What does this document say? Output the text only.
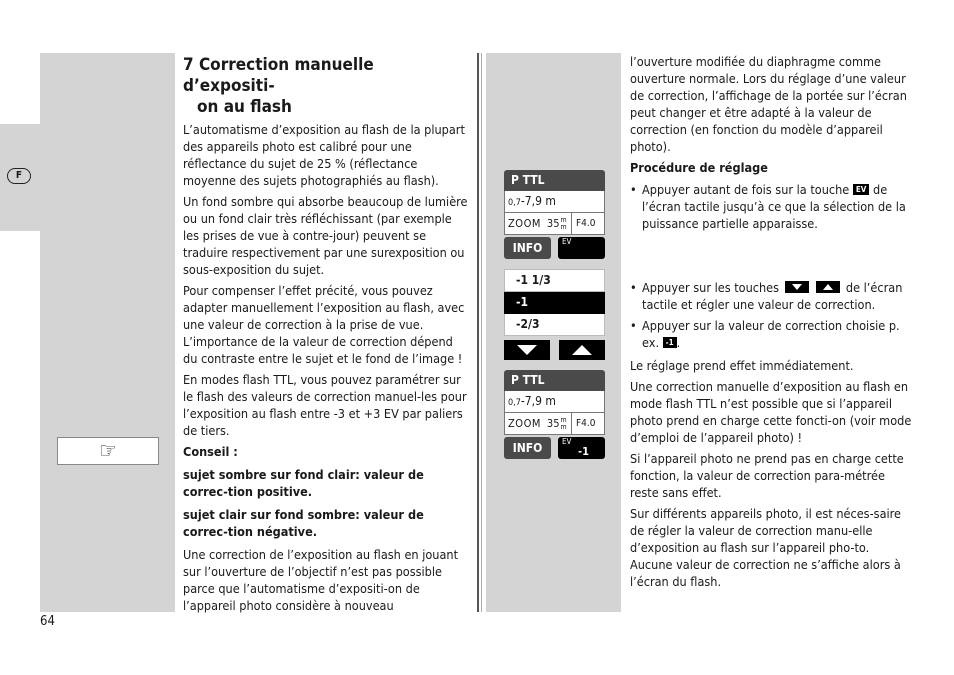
F
☞
7 Correction manuelle d’expositi-
on au flash

L’automatisme d’exposition au flash de la plupart des appareils photo est calibré pour une réflectance du sujet de 25 % (réflectance moyenne des sujets photographiés au flash).

Un fond sombre qui absorbe beaucoup de lumière ou un fond clair très réfléchissant (par exemple les prises de vue à contre-jour) peuvent se traduire respectivement par une surexposition ou sous-exposition du sujet.

Pour compenser l’effet précité, vous pouvez adapter manuellement l’exposition au flash, avec une valeur de correction à la prise de vue. L’importance de la valeur de correction dépend du contraste entre le sujet et le fond de l’image !

En modes flash TTL, vous pouvez paramétrer sur le flash des valeurs de correction manuel-les pour l’exposition au flash entre -3 et +3 EV par paliers de tiers.

Conseil :

sujet sombre sur fond clair: valeur de correc-tion positive.

sujet clair sur fond sombre: valeur de correc-tion négative.

Une correction de l’exposition au flash en jouant sur l’ouverture de l’objectif n’est pas possible parce que l’automatisme d’expositi-on de l’appareil photo considère à nouveau

P TTL
0,7-7,9 m
ZOOM 35 m
m F4.0
INFO	EV
-1 1/3
-1
-2/3
P TTL
0,7-7,9 m
ZOOM 35 m
m F4.0
INFO	EV
-1

l’ouverture modifiée du diaphragme comme ouverture normale. Lors du réglage d’une valeur de correction, l’affichage de la portée sur l’écran peut changer et être adapté à la valeur de correction (en fonction du modèle d’appareil photo).

Procédure de réglage

• Appuyer autant de fois sur la touche EV de l’écran tactile jusqu’à ce que la sélection de la puissance partielle apparaisse.
• Appuyer sur les touches
	de l’écran tactile et régler une valeur de correction.
• Appuyer sur la valeur de correction choisie p. ex. -1 .

Le réglage prend effet immédiatement.

Une correction manuelle d’exposition au flash en mode flash TTL n’est possible que si l’appareil photo prend en charge cette foncti-on (voir mode d’emploi de l’appareil photo) !

Si l’appareil photo ne prend pas en charge cette fonction, la valeur de correction para-métrée reste sans effet.

Sur différents appareils photo, il est néces-saire de régler la valeur de correction manu-elle d’exposition au flash sur l’appareil pho-to. Aucune valeur de correction ne s’affiche alors à l’écran du flash.

64
